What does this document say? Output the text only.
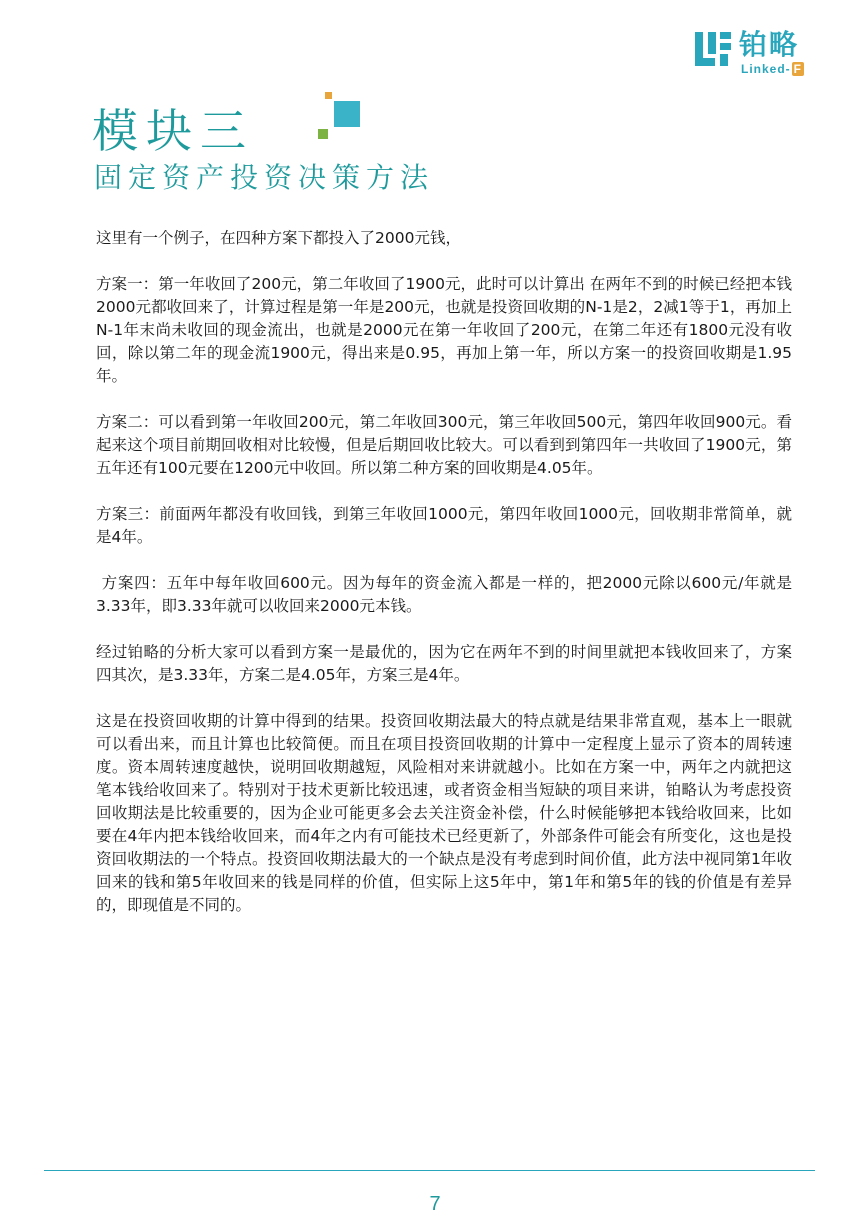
铂略
Linked- F
模块三
固定资产投资决策方法

这里有一个例子，在四种方案下都投入了2000元钱，

方案一：第一年收回了200元，第二年收回了1900元，此时可以计算出 在两年不到的时候已经把本钱2000元都收回来了，计算过程是第一年是200元，也就是投资回收期的N-1是2，2减1等于1，再加上N-1年末尚未收回的现金流出，也就是2000元在第一年收回了200元，在第二年还有1800元没有收回，除以第二年的现金流1900元，得出来是0.95，再加上第一年，所以方案一的投资回收期是1.95年。

方案二：可以看到第一年收回200元，第二年收回300元，第三年收回500元，第四年收回900元。看起来这个项目前期回收相对比较慢，但是后期回收比较大。可以看到到第四年一共收回了1900元，第五年还有100元要在1200元中收回。所以第二种方案的回收期是4.05年。

方案三：前面两年都没有收回钱，到第三年收回1000元，第四年收回1000元，回收期非常简单，就是4年。

方案四：五年中每年收回600元。因为每年的资金流入都是一样的，把2000元除以600元/年就是3.33年，即3.33年就可以收回来2000元本钱。

经过铂略的分析大家可以看到方案一是最优的，因为它在两年不到的时间里就把本钱收回来了，方案四其次，是3.33年，方案二是4.05年，方案三是4年。

这是在投资回收期的计算中得到的结果。投资回收期法最大的特点就是结果非常直观，基本上一眼就可以看出来，而且计算也比较简便。而且在项目投资回收期的计算中一定程度上显示了资本的周转速度。资本周转速度越快，说明回收期越短，风险相对来讲就越小。比如在方案一中，两年之内就把这笔本钱给收回来了。特别对于技术更新比较迅速，或者资金相当短缺的项目来讲，铂略认为考虑投资回收期法是比较重要的，因为企业可能更多会去关注资金补偿，什么时候能够把本钱给收回来，比如要在4年内把本钱给收回来，而4年之内有可能技术已经更新了，外部条件可能会有所变化，这也是投资回收期法的一个特点。投资回收期法最大的一个缺点是没有考虑到时间价值，此方法中视同第1年收回来的钱和第5年收回来的钱是同样的价值，但实际上这5年中，第1年和第5年的钱的价值是有差异的，即现值是不同的。

7
